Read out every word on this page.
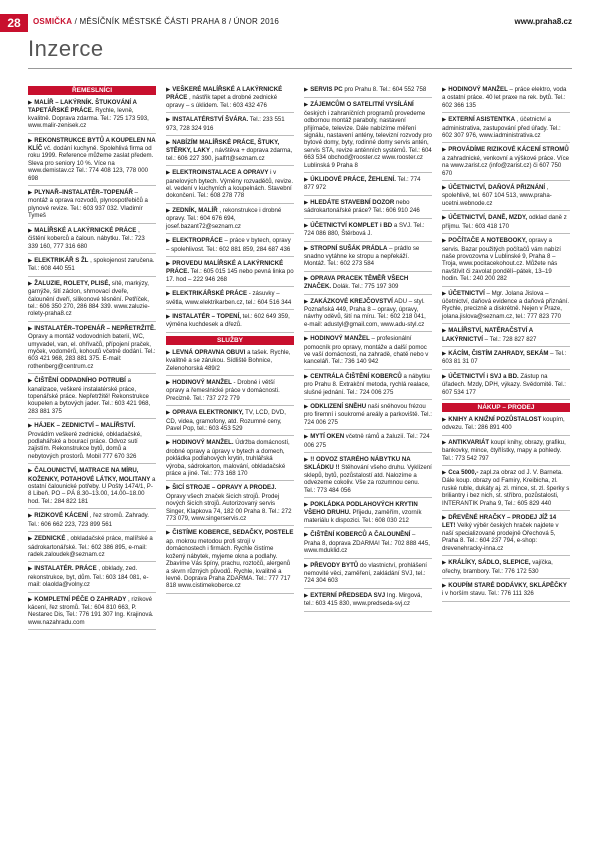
28	OSMIČKA / MĚSÍČNÍK MĚSTSKÉ ČÁSTI PRAHA 8 / ÚNOR 2016	www.praha8.cz
Inzerce
ŘEMESLNÍCI
▶ MALÍŘ – LAKÝRNÍK. ŠTUKOVÁNÍ A TAPETÁŘSKÉ PRÁCE. Rychle, levně, kvalitně. Doprava zdarma. Tel.: 725 173 593, www.malir-zenisek.cz
▶ REKONSTRUKCE BYTŮ A KOUPELEN NA KLÍČ vč. dodání kuchyně. Spolehlivá firma od roku 1999. Reference můžeme zaslat předem. Sleva pro seniory 10 %. Více na www.demistav.cz Tel.: 774 408 123, 778 000 698
▶ PLYNAŘ–INSTALATÉR–TOPENÁŘ – montáž a oprava rozvodů, plynospotřebičů a plynové revize. Tel.: 603 937 032. Vladimír Tymeš
▶ MALÍŘSKÉ A LAKÝRNICKÉ PRÁCE , čištění koberců a čaloun. nábytku. Tel.: 723 339 160, 777 316 680
▶ ELEKTRIKÁŘ S ŽL , spokojenost zaručena. Tel.: 608 440 551
▶ ŽALUZIE, ROLETY, PLISÉ, sítě, markýzy, garnýže, šití záclon, shrnovací dveře, čalounění dveří, silikonové těsnění. Petříček, tel.: 606 350 270, 286 884 339. www.zaluzie-rolety-praha8.cz
▶ INSTALATÉR–TOPENÁŘ – NEPŘETRŽITĚ. Opravy a montáž vodovodních baterií, WC, umyvadel, van, el. ohřívačů, přípojení praček, myček, vodoměrů, kohoutů včetně dodání. Tel.: 603 421 968, 283 881 375. E-mail: rothenberg@centrum.cz
▶ ČIŠTĚNÍ ODPADNÍHO POTRUBÍ a kanalizace, veškeré instalatérské práce, topenářské práce. Nepřetržitě! Rekonstrukce koupelen a bytových jader. Tel.: 603 421 968, 283 881 375
▶ HÁJEK – ZEDNICTVÍ – MALÍŘSTVÍ. Provádím veškeré zednické, obkladačské, podlahářské a bourací práce. Odvoz sutí zajistím. Rekonstrukce bytů, domů a nebytových prostorů. Mobil 777 670 326
▶ ČALOUNICTVÍ, MATRACE NA MÍRU, KOŽENKY, POTAHOVÉ LÁTKY, MOLITANY a ostatní čalounické potřeby. U Pošty 1474/1, P-8 Libeň. PO – PÁ 8.30–13.00, 14.00–18.00 hod. Tel.: 284 822 181
▶ RIZIKOVÉ KÁCENÍ , řez stromů. Zahrady. Tel.: 606 662 223, 723 899 561
▶ ZEDNICKÉ , obkladačské práce, malířské a sádrokartonářské. Tel.: 602 386 895, e-mail: radek.zaloudek@seznam.cz
▶ INSTALATÉR. PRÁCE , obklady, zed. rekonstrukce, byt, dům. Tel.: 603 184 081, e-mail: olaolda@volny.cz
▶ KOMPLETNÍ PÉČE O ZAHRADY , rizikové kácení, řez stromů. Tel.: 604 810 663, P. Nestarec Dis, Tel.: 776 191 307 Ing. Krajinová. www.nazahradu.com
▶ VEŠKERÉ MALÍŘSKÉ A LAKÝRNICKÉ PRÁCE , nástřik tapet a drobné zednické opravy – s úklidem. Tel.: 603 432 476
▶ INSTALATÉRSTVÍ ŠVÁRA. Tel.: 233 551 973, 728 324 916
▶ NABÍZÍM MALÍŘSKÉ PRÁCE, ŠTUKY, STĚRKY, LAKY , návštěva + doprava zdarma, tel.: 606 227 390, jsalfrt@seznam.cz
▶ ELEKTROINSTALACE A OPRAVY i v panelových bytech. Výměny rozvaděčů, revize. el. vedení v kuchyních a koupelnách. Stavební dokončení. Tel.: 608 278 778
▶ ZEDNÍK, MALÍŘ , rekonstrukce i drobné opravy. Tel.: 604 676 694, josef.bazant72@seznam.cz
▶ ELEKTROPRÁCE – práce v bytech, opravy – spolehlivost. Tel.: 602 881 859, 284 687 436
▶ PROVEDU MALÍŘSKÉ A LAKÝRNICKÉ PRÁCE. Tel.: 605 015 145 nebo pevná linka po 17. hod – 222 946 268
▶ ELEKTRIKÁŘSKÉ PRÁCE - zásuvky – světla, www.elektrikarben.cz, tel.: 604 516 344
▶ INSTALATÉR – TOPENÍ, tel.: 602 649 359, výměna kuchdesek a dřezů.
SLUŽBY
▶ LEVNÁ OPRAVNA OBUVI a tašek. Rychle, kvalitně a se zárukou. Sídliště Bohnice, Zelenohorská 489/2
▶ HODINOVÝ MANŽEL - Drobné i větší opravy a řemeslnické práce v domácnosti. Precizně. Tel.: 737 272 779
▶ OPRAVA ELEKTRONIKY, TV, LCD, DVD, CD, videa, gramofony, atd. Rozumné ceny, Pavel Pop, tel.: 603 453 529
▶ HODINOVÝ MANŽEL. Údržba domácností, drobné opravy a úpravy v bytech a domech, pokládka podlahových krytin, truhlářská výroba, sádrokarton, malování, obkladačské práce a jiné. Tel.: 773 168 170
▶ ŠICÍ STROJE – OPRAVY A PRODEJ. Opravy všech značek šicích strojů. Prodej nových šicích strojů. Autorizovaný servis Singer, Klapkova 74, 182 00 Praha 8. Tel.: 272 773 079, www.singerservis.cz
▶ ČISTÍME KOBERCE, SEDAČKY, POSTELE ap. mokrou metodou profi strojí v domácnostech i firmách. Rychle čistíme kožený nábytek, myjeme okna a podlahy. Zbavíme Vás špíny, prachu, roztočů, alergenů a skvrn různých původů. Rychle, kvalitně a levně. Doprava Praha ZDARMA. Tel.: 777 717 818 www.cistimekoberce.cz
▶ SERVIS PC pro Prahu 8. Tel.: 604 552 758
▶ ZÁJEMCŮM O SATELITNÍ VYSÍLÁNÍ českých i zahraničních programů provedeme odbornou montáž paraboly, nastavení přijímače, televize. Dále nabízíme měření signálu, nastavení antény, televizní rozvody pro bytové domy, byty, rodinné domy servis antén, servis STA, revize anténních systémů. Tel.: 604 663 534 obchod@rooster.cz www.rooster.cz Lublinská 9 Praha 8
▶ ÚKLIDOVÉ PRÁCE, ŽEHLENÍ. Tel.: 774 877 972
▶ HLEDÁTE STAVEBNÍ DOZOR nebo sádrokartonářské práce? Tel.: 606 910 246
▶ ÚČETNICTVÍ KOMPLET i BD a SVJ. Tel.: 724 086 880, Štěrbová J.
▶ STROPNÍ SUŠÁK PRÁDLA – prádlo se snadno vytáhne ke stropu a nepřekáží. Montáž. Tel.: 602 273 584
▶ OPRAVA PRACEK TĚMĚŘ VŠECH ZNAČEK. Dolák. Tel.: 775 197 309
▶ ZAKÁZKOVÉ KREJČOVSTVÍ ADU – styl. Poznaňská 449, Praha 8 – opravy, úpravy, návrhy oděvů, šití na míru. Tel.: 602 218 041, e-mail: adustyl@gmail.com, www.adu-styl.cz
▶ HODINOVÝ MANŽEL – profesionální pomocník pro opravy, montáže a další pomoc ve vaší domácnosti, na zahradě, chatě nebo v kanceláři. Tel.: 736 140 942
▶ CENTRÁLA ČIŠTĚNÍ KOBERCŮ a nábytku pro Prahu 8. Extrakční metoda, rychlá realace, slušné jednání. Tel.: 724 006 275
▶ ODKLIZENÍ SNĚHU naši sněhovou frézou pro firemní i soukromé areály a parkoviště. Tel.: 724 006 275
▶ MYTÍ OKEN včetně rámů a žaluzií. Tel.: 724 006 275
▶ !! ODVOZ STARÉHO NÁBYTKU NA SKLÁDKU !! Stěhování všeho druhu. Vyklízení sklepů, bytů, pozůstalostí atd. Nalozíme a odvezeme cokoliv. Vše za rozumnou cenu. Tel.: 773 484 056
▶ POKLÁDKA PODLAHOVÝCH KRYTIN VŠEHO DRUHU. Přijedu, zaměřím, vzorník materiálu k dispozici. Tel.: 608 030 212
▶ ČIŠTĚNÍ KOBERCŮ A ČALOUNĚNÍ – Praha 8, doprava ZDARMA! Tel.: 702 888 445, www.mduklid.cz
▶ PŘEVODY BYTŮ do vlastnictví, prohlášení nemovité věci, zaměření, zakládání SVJ, tel.: 724 304 603
▶ EXTERNÍ PŘEDSEDA SVJ Ing. Mirgová, tel.: 603 415 830, www.predseda-svj.cz
▶ HODINOVÝ MANŽEL – práce elektro, voda a ostatní práce. 40 let praxe na rek. bytů. Tel.: 602 366 135
▶ EXTERNÍ ASISTENTKA , účetnictví a administrativa, zastupování před úřady. Tel.: 602 307 976, www.iadministrativa.cz
▶ PROVÁDÍME RIZIKOVÉ KÁCENÍ STROMŮ a zahradnické, venkovní a výškové práce. Více na www.zarist.cz (info@zarist.cz) či 607 750 670
▶ ÚČETNICTVÍ, DAŇOVÁ PŘIZNÁNÍ , spolehlivě, tel. 607 104 513, www.praha-ucetni.webnode.cz
▶ ÚČETNICTVÍ, DANĚ, MZDY, odklad daně z příjmu. Tel.: 603 418 170
▶ POČÍTAČE A NOTEBOOKY, opravy a servis. Bazar použitých počítačů vám nabízí naše provozovna v Lublinské 9, Praha 8 – Troja, www.pocitacekohout.cz. Můžete nás navštívit či zavolat pondělí–pátek, 13–19 hodin. Tel.: 240 200 282
▶ ÚČETNICTVÍ – Mgr. Jolana Jislova – účetnictví, daňová evidence a daňová přiznání. Rychle, precizně a diskrétně. Nejen v Praze, jolana.jislova@seznam.cz, tel.: 777 823 770
▶ MALÍŘSTVÍ, NATĚRAČSTVÍ A LAKÝRNICTVÍ – Tel.: 728 827 827
▶ KÁCÍM, ČISTÍM ZAHRADY, SEKÁM – Tel.: 603 81 31 07
▶ ÚČETNICTVÍ i SVJ a BD. Zástup na úřadech. Mzdy, DPH, výkazy. Svědomitě. Tel.: 607 534 177
NÁKUP – PRODEJ
▶ KNIHY A KNIŽNÍ POZŮSTALOST koupím, odvezu. Tel.: 286 891 400
▶ ANTIKVARIÁT koupí knihy, obrazy, grafiku, bankovky, mince, čtyřlístky, mapy a pohledy. Tel.: 773 542 797
▶ Cca 5000,- zapl.za obraz od J. V. Barneta. Dále koup. obrazy od Famiry, Kreibicha, zl. ruské ruble, dukáty aj. zl. mince, st. zl. šperky s briliantry i bez nich, st. stříbro, pozůstalosti, INTERANTIK Praha 9, Tel.: 605 829 440
▶ DŘEVĚNÉ HRAČKY – PRODEJ JÍŽ 14 LET! Velký výběr českých hraček najdete v naší specializované prodejně Ořechová 5, Praha 8. Tel.: 604 237 794, e-shop: drevenehracky-inna.cz
▶ KRÁLÍKY, SÁDLO, SLEPICE, vajíčka, ořechy, brambory. Tel.: 776 172 530
▶ KOUPÍM STARÉ DODÁVKY, SKLÁPĚČKY i v horším stavu. Tel.: 776 111 326
